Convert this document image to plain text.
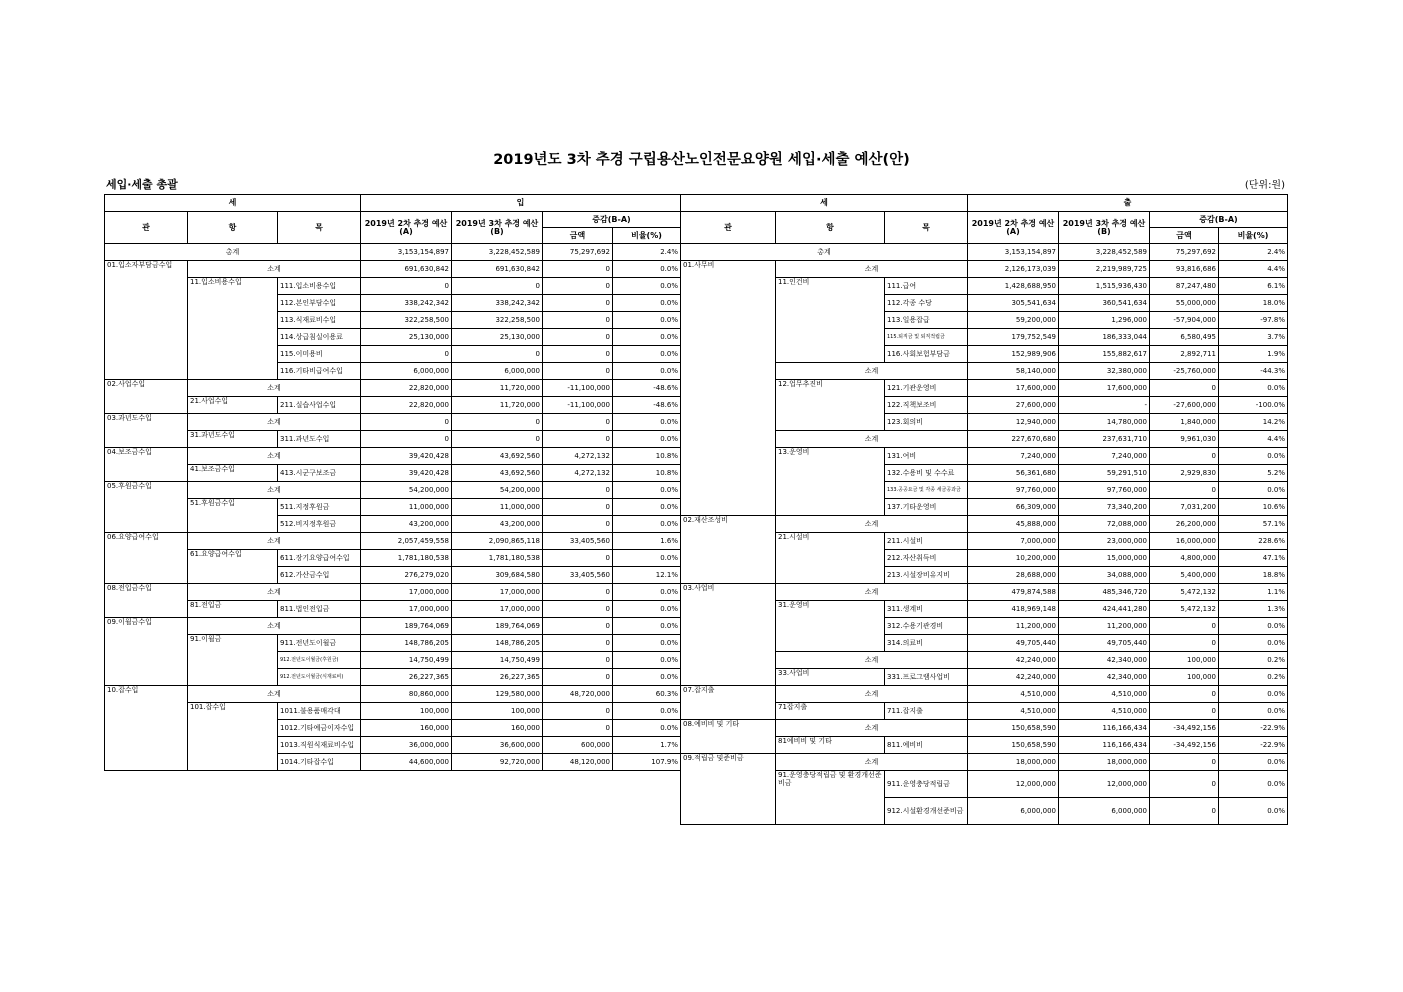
2019년도 3차 추경 구립용산노인전문요양원 세입·세출 예산(안)
세입·세출 총괄	(단위:원)
세			입			
관	항	목	2019년 2차 추경 예산(A)	2019년 3차 추경 예산(B)	증감(B-A)	
					금액	비율(%)
총계			3,153,154,897	3,228,452,589	75,297,692	2.4%
01.입소자부담금수입	소계		691,630,842	691,630,842	0	0.0%
	11.입소비용수입	111.입소비용수입	0	0	0	0.0%
		112.본인부담수입	338,242,342	338,242,342	0	0.0%
		113.식재료비수입	322,258,500	322,258,500	0	0.0%
		114.상급침실이용료	25,130,000	25,130,000	0	0.0%
		115.이미용비	0	0	0	0.0%
		116.기타비급여수입	6,000,000	6,000,000	0	0.0%
02.사업수입	소계		22,820,000	11,720,000	-11,100,000	-48.6%
	21.사업수입	211.실습사업수입	22,820,000	11,720,000	-11,100,000	-48.6%
03.과년도수입	소계		0	0	0	0.0%
	31.과년도수입	311.과년도수입	0	0	0	0.0%
04.보조금수입	소계		39,420,428	43,692,560	4,272,132	10.8%
	41.보조금수입	413.시군구보조금	39,420,428	43,692,560	4,272,132	10.8%
05.후원금수입	소계		54,200,000	54,200,000	0	0.0%
	51.후원금수입	511.지정후원금	11,000,000	11,000,000	0	0.0%
		512.비지정후원금	43,200,000	43,200,000	0	0.0%
06.요양급여수입	소계		2,057,459,558	2,090,865,118	33,405,560	1.6%
	61.요양급여수입	611.장기요양급여수입	1,781,180,538	1,781,180,538	0	0.0%
		612.가산금수입	276,279,020	309,684,580	33,405,560	12.1%
08.전입금수입	소계		17,000,000	17,000,000	0	0.0%
	81.전입금	811.법인전입금	17,000,000	17,000,000	0	0.0%
09.이월금수입	소계		189,764,069	189,764,069	0	0.0%
	91.이월금	911.전년도이월금	148,786,205	148,786,205	0	0.0%
		912.전년도이월금(후원금)	14,750,499	14,750,499	0	0.0%
		912.전년도이월금(식재료비)	26,227,365	26,227,365	0	0.0%
10.잡수입	소계		80,860,000	129,580,000	48,720,000	60.3%
	101.잡수입	1011.불용품매각대	100,000	100,000	0	0.0%
		1012.기타예금이자수입	160,000	160,000	0	0.0%
		1013.직원식재료비수입	36,000,000	36,600,000	600,000	1.7%
		1014.기타잡수입	44,600,000	92,720,000	48,120,000	107.9%
세			출			
관	항	목	2019년 2차 추경 예산(A)	2019년 3차 추경 예산(B)	증감(B-A)	
					금액	비율(%)
총계			3,153,154,897	3,228,452,589	75,297,692	2.4%
01.사무비	소계		2,126,173,039	2,219,989,725	93,816,686	4.4%
	11.인건비	111.급여	1,428,688,950	1,515,936,430	87,247,480	6.1%
		112.각종 수당	305,541,634	360,541,634	55,000,000	18.0%
		113.일용잡급	59,200,000	1,296,000	-57,904,000	-97.8%
		115.퇴직금 및 퇴직적립금	179,752,549	186,333,044	6,580,495	3.7%
		116.사회보험부담금	152,989,906	155,882,617	2,892,711	1.9%
	소계		58,140,000	32,380,000	-25,760,000	-44.3%
	12.업무추진비	121.기관운영비	17,600,000	17,600,000	0	0.0%
		122.직책보조비	27,600,000	-	-27,600,000	-100.0%
		123.회의비	12,940,000	14,780,000	1,840,000	14.2%
	소계		227,670,680	237,631,710	9,961,030	4.4%
	13.운영비	131.여비	7,240,000	7,240,000	0	0.0%
		132.수용비 및 수수료	56,361,680	59,291,510	2,929,830	5.2%
		133.공공요금 및 각종 세금공과금	97,760,000	97,760,000	0	0.0%
		137.기타운영비	66,309,000	73,340,200	7,031,200	10.6%
02.재산조성비	소계		45,888,000	72,088,000	26,200,000	57.1%
	21.시설비	211.시설비	7,000,000	23,000,000	16,000,000	228.6%
		212.자산취득비	10,200,000	15,000,000	4,800,000	47.1%
		213.시설장비유지비	28,688,000	34,088,000	5,400,000	18.8%
03.사업비	소계		479,874,588	485,346,720	5,472,132	1.1%
	31.운영비	311.생계비	418,969,148	424,441,280	5,472,132	1.3%
		312.수용기관경비	11,200,000	11,200,000	0	0.0%
		314.의료비	49,705,440	49,705,440	0	0.0%
	소계		42,240,000	42,340,000	100,000	0.2%
	33.사업비	331.프로그램사업비	42,240,000	42,340,000	100,000	0.2%
07.잡지출	소계		4,510,000	4,510,000	0	0.0%
	71잡지출	711.잡지출	4,510,000	4,510,000	0	0.0%
08.예비비 및 기타	소계		150,658,590	116,166,434	-34,492,156	-22.9%
	81예비비 및 기타	811.예비비	150,658,590	116,166,434	-34,492,156	-22.9%
09.적립금 및준비금	소계		18,000,000	18,000,000	0	0.0%
	91.운영충당적립금 및 환경개선준비금	911.운영충당적립금	12,000,000	12,000,000	0	0.0%
		912.시설환경개선준비금	6,000,000	6,000,000	0	0.0%
